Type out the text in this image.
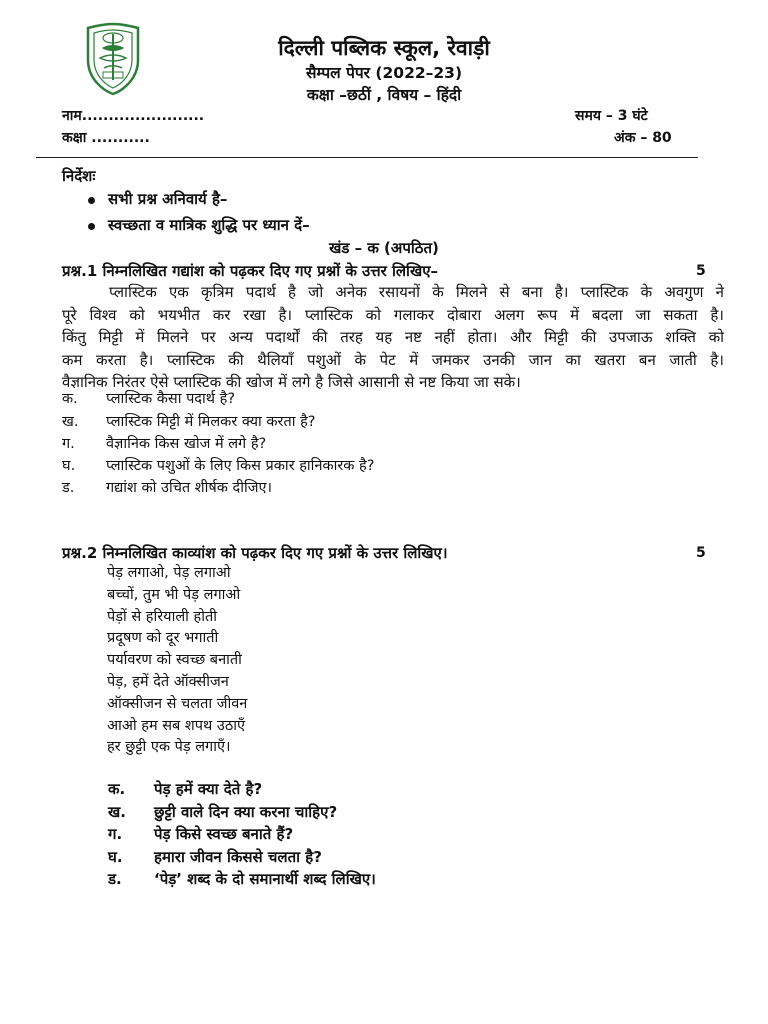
दिल्ली पब्लिक स्कूल, रेवाड़ी
सैम्पल पेपर (2022–23)
कक्षा –छठीं , विषय – हिंदी
नाम.......................
कक्षा ...........
समय – 3 घंटे
अंक – 80
निर्देशः
सभी प्रश्न अनिवार्य है–
स्वच्छता व मात्रिक शुद्धि पर ध्यान दें–
खंड – क (अपठित)
प्रश्न.1 निम्नलिखित गद्यांश को पढ़कर दिए गए प्रश्नों के उत्तर लिखिए–	5
प्लास्टिक एक कृत्रिम पदार्थ है जो अनेक रसायनों के मिलने से बना है। प्लास्टिक के अवगुण ने
पूरे विश्व को भयभीत कर रखा है। प्लास्टिक को गलाकर दोबारा अलग रूप में बदला जा सकता है।
किंतु मिट्टी में मिलने पर अन्य पदार्थों की तरह यह नष्ट नहीं होता। और मिट्टी की उपजाऊ शक्ति को
कम करता है। प्लास्टिक की थैलियाँ पशुओं के पेट में जमकर उनकी जान का खतरा बन जाती है।
वैज्ञानिक निरंतर ऐसे प्लास्टिक की खोज में लगे है जिसे आसानी से नष्ट किया जा सके।
क. प्लास्टिक कैसा पदार्थ है?
ख. प्लास्टिक मिट्टी में मिलकर क्या करता है?
ग. वैज्ञानिक किस खोज में लगे है?
घ. प्लास्टिक पशुओं के लिए किस प्रकार हानिकारक है?
ड. गद्यांश को उचित शीर्षक दीजिए।
प्रश्न.2 निम्नलिखित काव्यांश को पढ़कर दिए गए प्रश्नों के उत्तर लिखिए।	5
पेड़ लगाओ, पेड़ लगाओ
बच्चों, तुम भी पेड़ लगाओ
पेड़ों से हरियाली होती
प्रदूषण को दूर भगाती
पर्यावरण को स्वच्छ बनाती
पेड़, हमें देते ऑक्सीजन
ऑक्सीजन से चलता जीवन
आओ हम सब शपथ उठाएँ
हर छुट्टी एक पेड़ लगाएँ।
क. पेड़ हमें क्या देते है?
ख. छुट्टी वाले दिन क्या करना चाहिए?
ग. पेड़ किसे स्वच्छ बनाते हैं?
घ. हमारा जीवन किससे चलता है?
ड. ‘पेड़’ शब्द के दो समानार्थी शब्द लिखिए।
